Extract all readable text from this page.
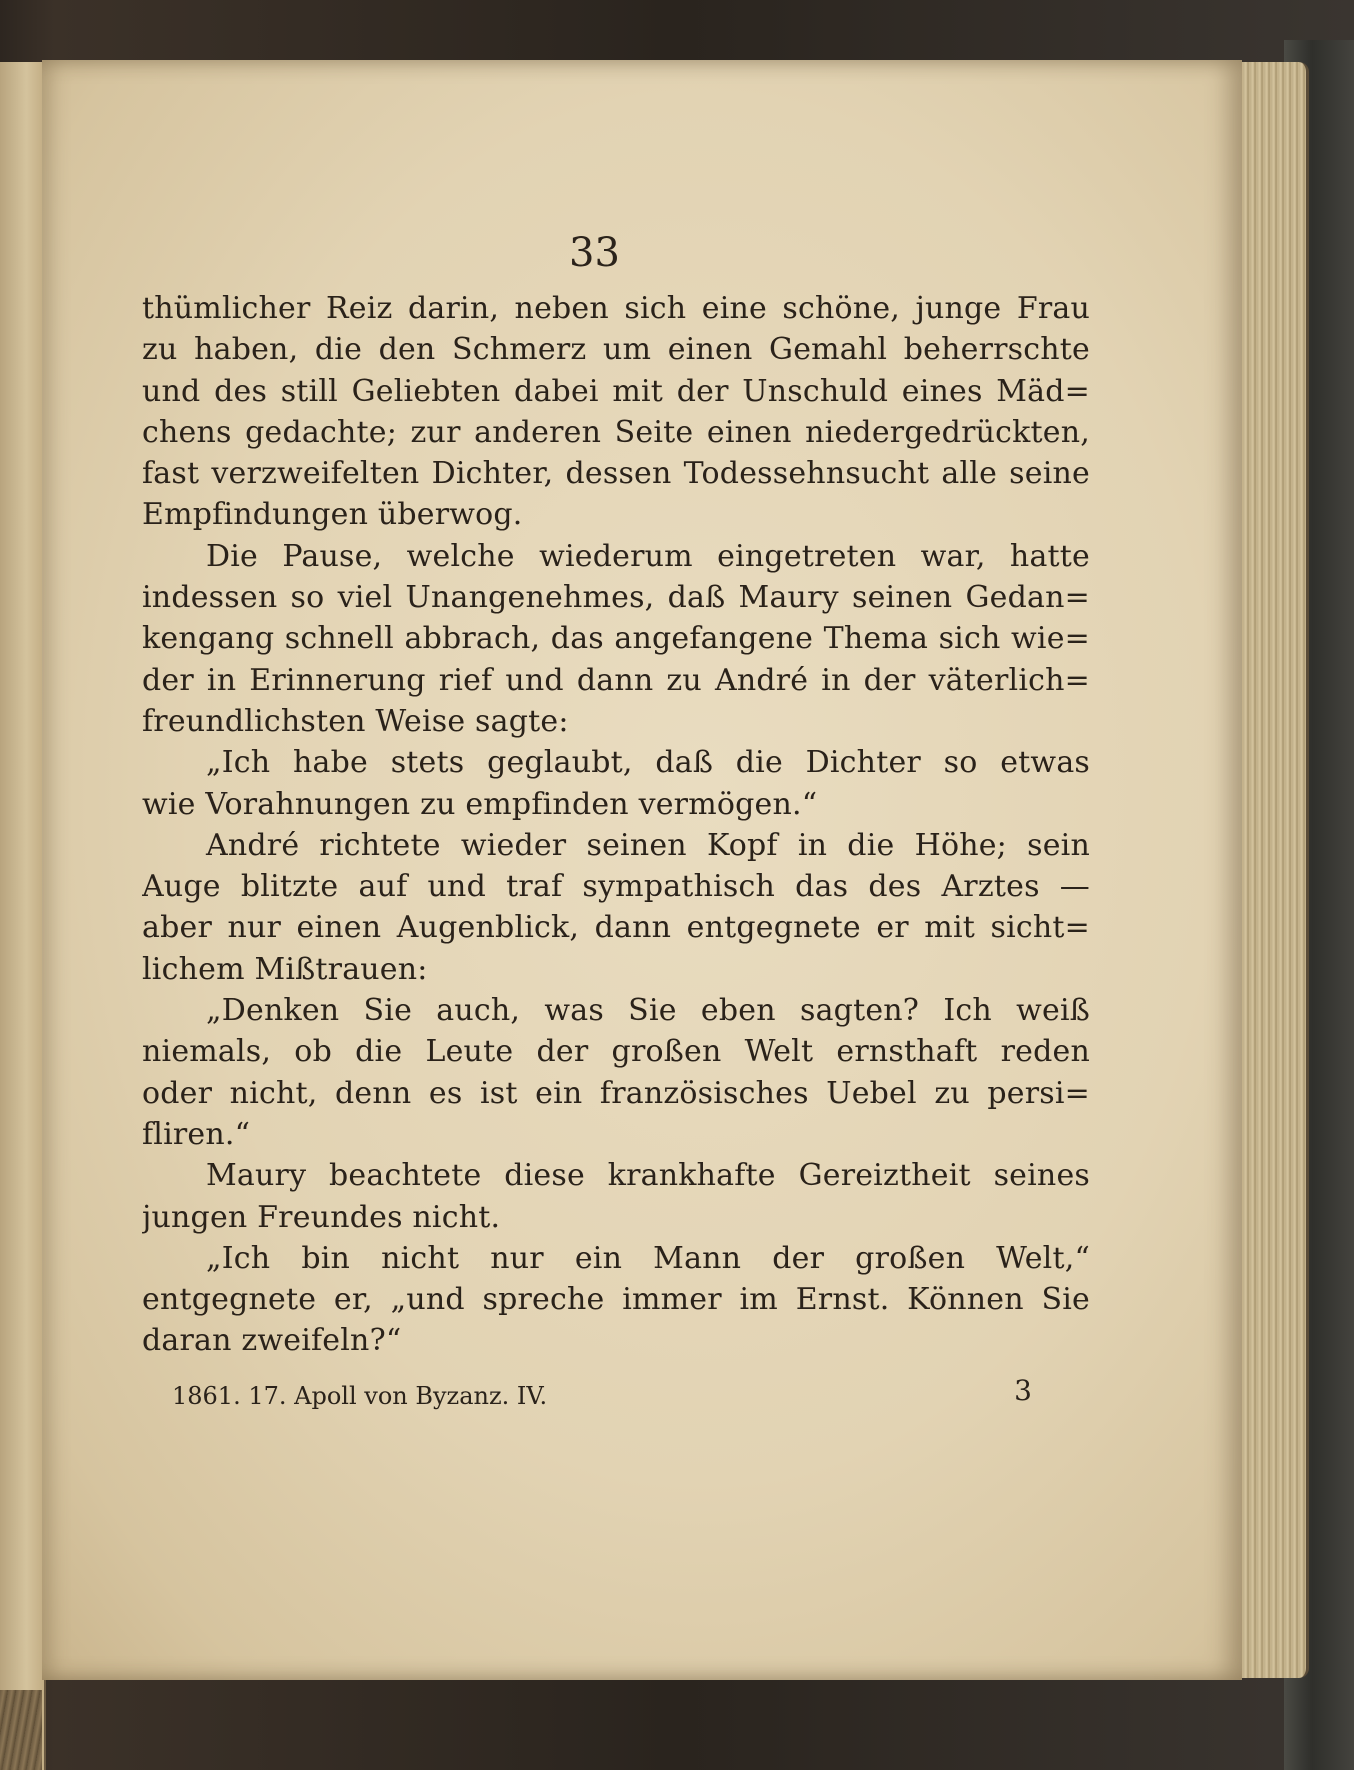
33
thümlicher Reiz darin, neben sich eine schöne, junge Frau
zu haben, die den Schmerz um einen Gemahl beherrschte
und des still Geliebten dabei mit der Unschuld eines Mäd=
chens gedachte; zur anderen Seite einen niedergedrückten,
fast verzweifelten Dichter, dessen Todessehnsucht alle seine
Empfindungen überwog.
Die Pause, welche wiederum eingetreten war, hatte
indessen so viel Unangenehmes, daß Maury seinen Gedan=
kengang schnell abbrach, das angefangene Thema sich wie=
der in Erinnerung rief und dann zu André in der väterlich=
freundlichsten Weise sagte:
„Ich habe stets geglaubt, daß die Dichter so etwas
wie Vorahnungen zu empfinden vermögen.“
André richtete wieder seinen Kopf in die Höhe; sein
Auge blitzte auf und traf sympathisch das des Arztes —
aber nur einen Augenblick, dann entgegnete er mit sicht=
lichem Mißtrauen:
„Denken Sie auch, was Sie eben sagten? Ich weiß
niemals, ob die Leute der großen Welt ernsthaft reden
oder nicht, denn es ist ein französisches Uebel zu persi=
fliren.“
Maury beachtete diese krankhafte Gereiztheit seines
jungen Freundes nicht.
„Ich bin nicht nur ein Mann der großen Welt,“
entgegnete er, „und spreche immer im Ernst. Können Sie
daran zweifeln?“
1861. 17. Apoll von Byzanz. IV.	3
